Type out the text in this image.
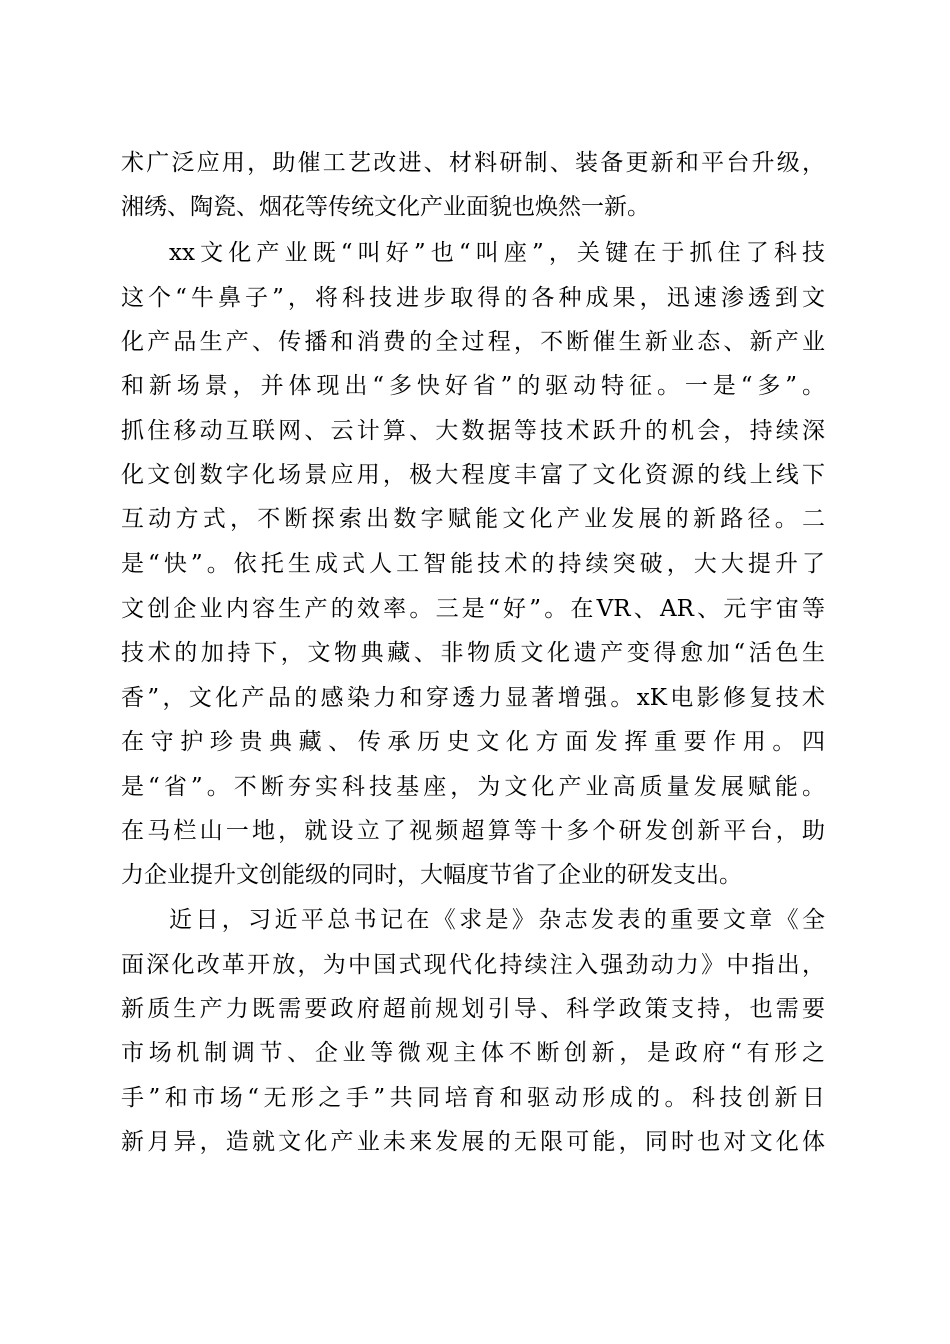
术广泛应用，助催工艺改进、材料研制、装备更新和平台升级，
湘绣、陶瓷、烟花等传统文化产业面貌也焕然一新。
xx文化产业既“叫好”也“叫座”，关键在于抓住了科技
这个“牛鼻子”，将科技进步取得的各种成果，迅速渗透到文
化产品生产、传播和消费的全过程，不断催生新业态、新产业
和新场景，并体现出“多快好省”的驱动特征。一是“多”。
抓住移动互联网、云计算、大数据等技术跃升的机会，持续深
化文创数字化场景应用，极大程度丰富了文化资源的线上线下
互动方式，不断探索出数字赋能文化产业发展的新路径。二
是“快”。依托生成式人工智能技术的持续突破，大大提升了
文创企业内容生产的效率。三是“好”。在VR、AR、元宇宙等
技术的加持下，文物典藏、非物质文化遗产变得愈加“活色生
香”，文化产品的感染力和穿透力显著增强。xK电影修复技术
在守护珍贵典藏、传承历史文化方面发挥重要作用。四
是“省”。不断夯实科技基座，为文化产业高质量发展赋能。
在马栏山一地，就设立了视频超算等十多个研发创新平台，助
力企业提升文创能级的同时，大幅度节省了企业的研发支出。
近日，习近平总书记在《求是》杂志发表的重要文章《全
面深化改革开放，为中国式现代化持续注入强劲动力》中指出，
新质生产力既需要政府超前规划引导、科学政策支持，也需要
市场机制调节、企业等微观主体不断创新，是政府“有形之
手”和市场“无形之手”共同培育和驱动形成的。科技创新日
新月异，造就文化产业未来发展的无限可能，同时也对文化体
